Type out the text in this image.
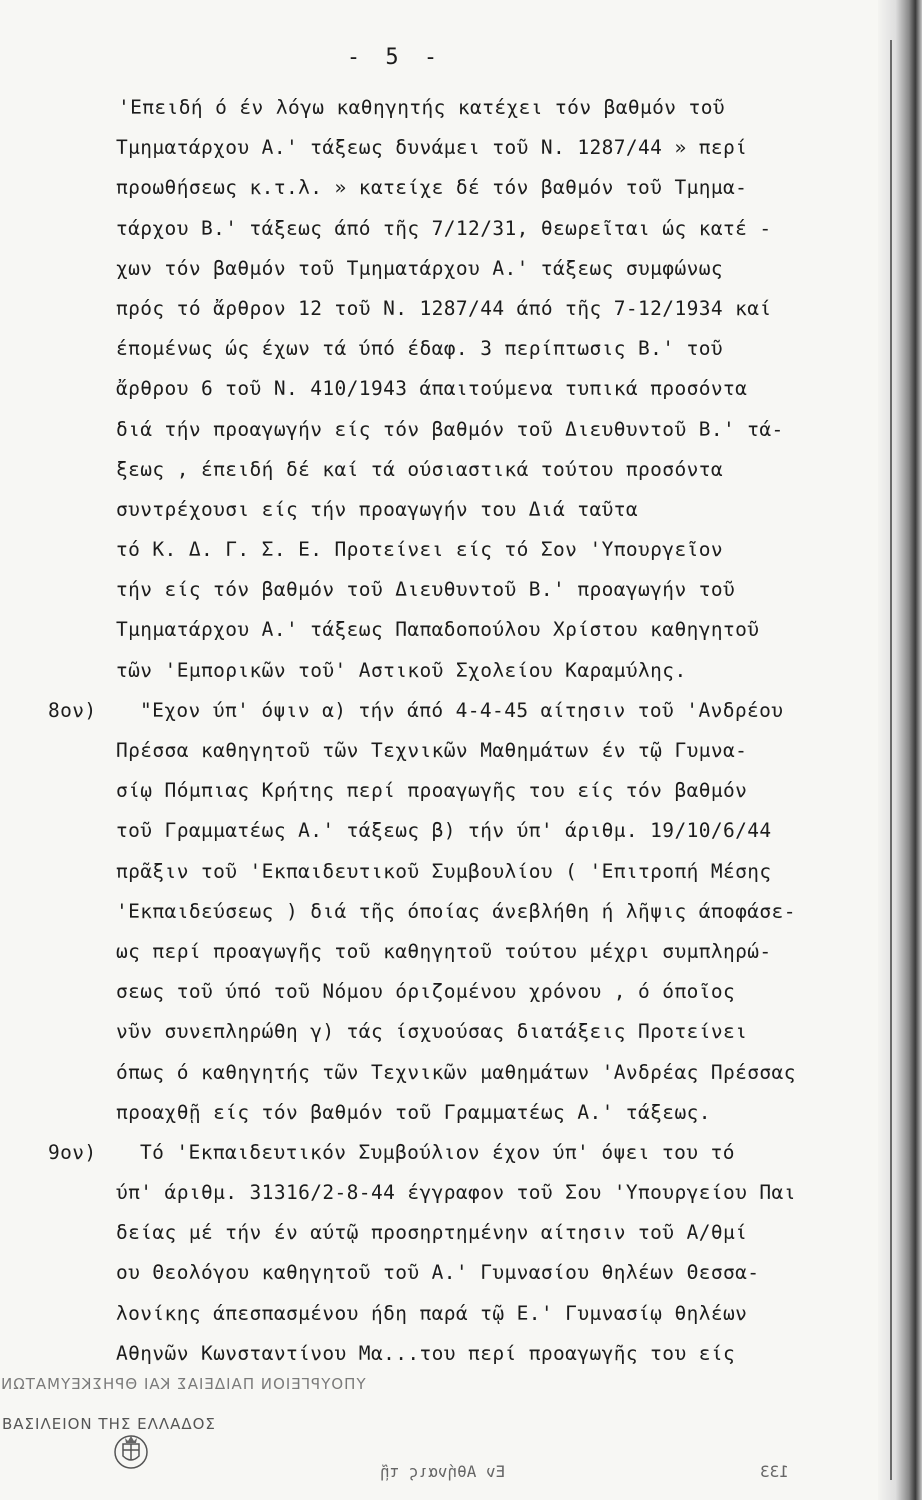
- 5 -
'Επειδή ό έν λόγω καθηγητής κατέχει τόν βαθμόν τοῦ
Τμηματάρχου Α.' τάξεως δυνάμει τοῦ Ν. 1287/44 » περί
προωθήσεως κ.τ.λ. » κατείχε δέ τόν βαθμόν τοῦ Τμημα-
τάρχου Β.' τάξεως άπό τῆς 7/12/31, θεωρεῖται ώς κατέ -
χων τόν βαθμόν τοῦ Τμηματάρχου Α.' τάξεως συμφώνως
πρός τό ἄρθρον 12 τοῦ Ν. 1287/44 άπό τῆς 7-12/1934 καί
έπομένως ώς έχων τά ύπό έδαφ. 3 περίπτωσις Β.' τοῦ
ἄρθρου 6 τοῦ Ν. 410/1943 άπαιτούμενα τυπικά προσόντα
διά τήν προαγωγήν είς τόν βαθμόν τοῦ Διευθυντοῦ Β.' τά-
ξεως , έπειδή δέ καί τά ούσιαστικά τούτου προσόντα
συντρέχουσι είς τήν προαγωγήν του Διά ταῦτα
τό Κ. Δ. Γ. Σ. Ε. Προτείνει είς τό Σον 'Υπουργεῖον
τήν είς τόν βαθμόν τοῦ Διευθυντοῦ Β.' προαγωγήν τοῦ
Τμηματάρχου Α.' τάξεως Παπαδοπούλου Χρίστου καθηγητοῦ
τῶν 'Εμπορικῶν τοῦ' Αστικοῦ Σχολείου Καραμύλης.
8ον) "Εχον ύπ' όψιν α) τήν άπό 4-4-45 αίτησιν τοῦ 'Ανδρέου
Πρέσσα καθηγητοῦ τῶν Τεχνικῶν Μαθημάτων έν τῷ Γυμνα-
σίῳ Πόμπιας Κρήτης περί προαγωγῆς του είς τόν βαθμόν
τοῦ Γραμματέως Α.' τάξεως β) τήν ύπ' άριθμ. 19/10/6/44
πρᾶξιν τοῦ 'Εκπαιδευτικοῦ Συμβουλίου ( 'Επιτροπή Μέσης
'Εκπαιδεύσεως ) διά τῆς όποίας άνεβλήθη ή λῆψις άποφάσε-
ως περί προαγωγῆς τοῦ καθηγητοῦ τούτου μέχρι συμπληρώ-
σεως τοῦ ύπό τοῦ Νόμου όριζομένου χρόνου , ό όποῖος
νῦν συνεπληρώθη γ) τάς ίσχυούσας διατάξεις Προτείνει
όπως ό καθηγητής τῶν Τεχνικῶν μαθημάτων 'Ανδρέας Πρέσσας
προαχθῇ είς τόν βαθμόν τοῦ Γραμματέως Α.' τάξεως.
9ον) Τό 'Εκπαιδευτικόν Συμβούλιον έχον ύπ' όψει του τό
ύπ' άριθμ. 31316/2-8-44 έγγραφον τοῦ Σου 'Υπουργείου Παι
δείας μέ τήν έν αύτῷ προσηρτημένην αίτησιν τοῦ Α/θμί
ου Θεολόγου καθηγητοῦ τοῦ Α.' Γυμνασίου θηλέων Θεσσα-
λονίκης άπεσπασμένου ήδη παρά τῷ Ε.' Γυμνασίῳ θηλέων
Αθηνῶν Κωνσταντίνου Μα...του περί προαγωγῆς του είς
ΥΠΟΥΡΓΕΙΟΝ ΠΑΙΔΕΙΑΣ ΚΑΙ ΘΡΗΣΚΕΥΜΑΤΩΝ
ΒΑΣΙΛΕΙΟΝ ΤΗΣ ΕΛΛΑΔΟΣ
Εν Αθήναις τῇ	133
